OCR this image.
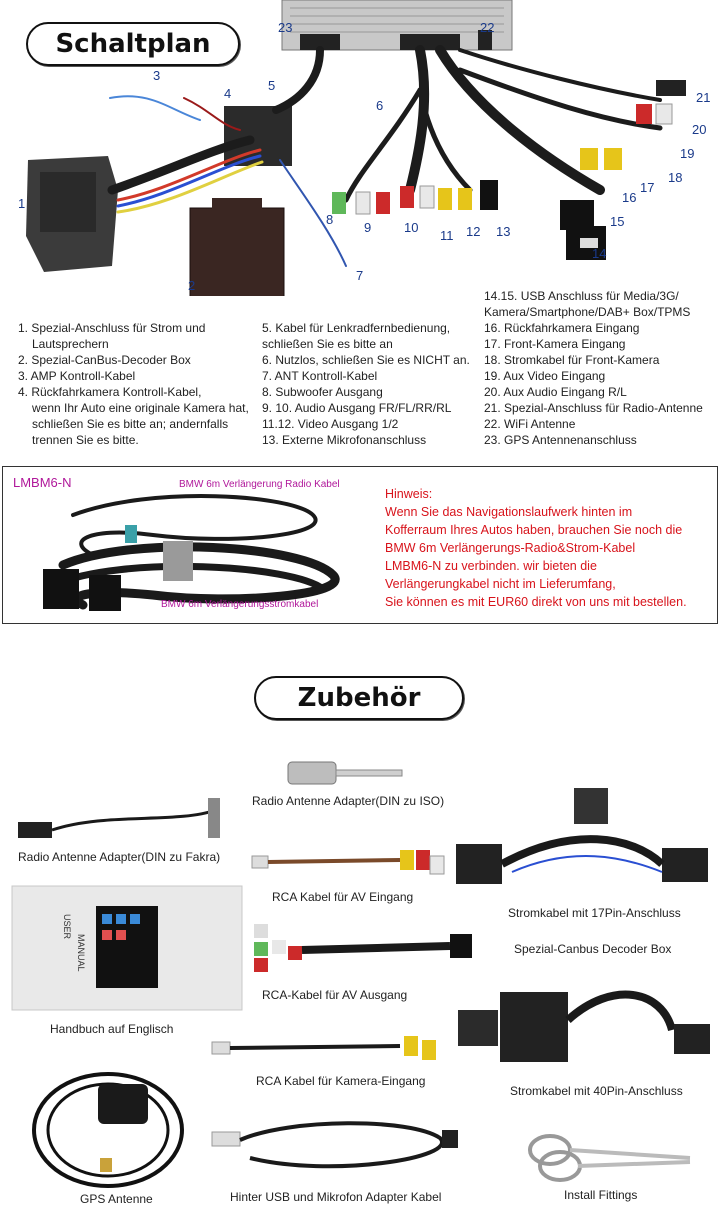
1
2
3
4
5
6
7
8
9	10
11 12 13
14
15
16
17
18
19
20
21
22
23
Schaltplan
1. Spezial-Anschluss für Strom und
Lautsprechern
2. Spezial-CanBus-Decoder Box
3. AMP Kontroll-Kabel
4. Rückfahrkamera Kontroll-Kabel,
wenn Ihr Auto eine originale Kamera hat,
schließen Sie es bitte an; andernfalls
trennen Sie es bitte.
5. Kabel für Lenkradfernbedienung,
schließen Sie es bitte an
6. Nutzlos, schließen Sie es NICHT an.
7. ANT Kontroll-Kabel
8. Subwoofer Ausgang
9. 10. Audio Ausgang FR/FL/RR/RL
11.12. Video Ausgang 1/2
13. Externe Mikrofonanschluss
14.15. USB Anschluss für Media/3G/
Kamera/Smartphone/DAB+ Box/TPMS
16. Rückfahrkamera Eingang
17. Front-Kamera Eingang
18. Stromkabel für Front-Kamera
19. Aux Video Eingang
20. Aux Audio Eingang R/L
21. Spezial-Anschluss für Radio-Antenne
22. WiFi Antenne
23. GPS Antennenanschluss
LMBM6-N	BMW 6m Verlängerung Radio Kabel
BMW 6m Verlängerungsstromkabel
Hinweis:
Wenn Sie das Navigationslaufwerk hinten im
Kofferraum Ihres Autos haben, brauchen Sie noch die
BMW 6m Verlängerungs-Radio&Strom-Kabel
LMBM6-N zu verbinden. wir bieten die
Verlängerungkabel nicht im Lieferumfang,
Sie können es mit EUR60 direkt von uns mit bestellen.
Zubehör
USER
MANUAL
Radio Antenne Adapter(DIN zu ISO)
Radio Antenne Adapter(DIN zu Fakra)
RCA Kabel für AV Eingang
Stromkabel mit 17Pin-Anschluss
Spezial-Canbus Decoder Box
RCA-Kabel für AV Ausgang
Handbuch auf Englisch
RCA Kabel für Kamera-Eingang
Stromkabel mit 40Pin-Anschluss
GPS Antenne	Hinter USB und Mikrofon Adapter Kabel	Install Fittings
